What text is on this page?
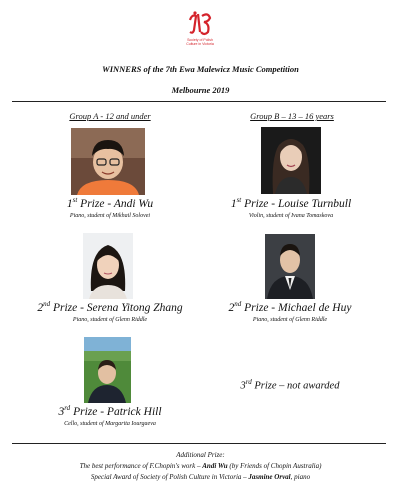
Society of Polish
Culture in Victoria
WINNERS of the 7th Ewa Malewicz Music Competition
Melbourne 2019
Group A - 12 and under	Group B – 13 – 16 years
1st Prize - Andi Wu
Piano, student of Mikhail Solovei
1st Prize - Louise Turnbull
Violin, student of Ivana Tomaskova
2nd Prize - Serena Yitong Zhang
Piano, student of Glenn Riddle
2nd Prize - Michael de Huy
Piano, student of Glenn Riddle
3rd Prize - Patrick Hill
Cello, student of Margarita Iourgaeva
3rd Prize – not awarded
Additional Prize:
The best performance of F.Chopin's work – Andi Wu (by Friends of Chopin Australia)
Special Award of Society of Polish Culture in Victoria – Jasmine Orval, piano
